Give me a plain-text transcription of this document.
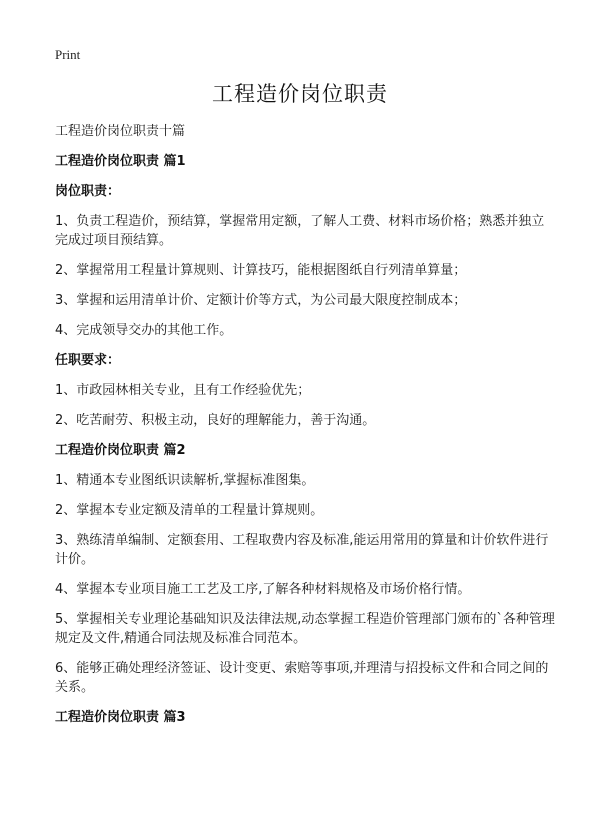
Print
工程造价岗位职责
工程造价岗位职责十篇
工程造价岗位职责 篇1
岗位职责：
1、负责工程造价，预结算，掌握常用定额，了解人工费、材料市场价格；熟悉并独立完成过项目预结算。
2、掌握常用工程量计算规则、计算技巧，能根据图纸自行列清单算量；
3、掌握和运用清单计价、定额计价等方式，为公司最大限度控制成本；
4、完成领导交办的其他工作。
任职要求：
1、市政园林相关专业，且有工作经验优先；
2、吃苦耐劳、积极主动，良好的理解能力，善于沟通。
工程造价岗位职责 篇2
1、精通本专业图纸识读解析,掌握标准图集。
2、掌握本专业定额及清单的工程量计算规则。
3、熟练清单编制、定额套用、工程取费内容及标准,能运用常用的算量和计价软件进行计价。
4、掌握本专业项目施工工艺及工序,了解各种材料规格及市场价格行情。
5、掌握相关专业理论基础知识及法律法规,动态掌握工程造价管理部门颁布的`各种管理规定及文件,精通合同法规及标准合同范本。
6、能够正确处理经济签证、设计变更、索赔等事项,并理清与招投标文件和合同之间的关系。
工程造价岗位职责 篇3
